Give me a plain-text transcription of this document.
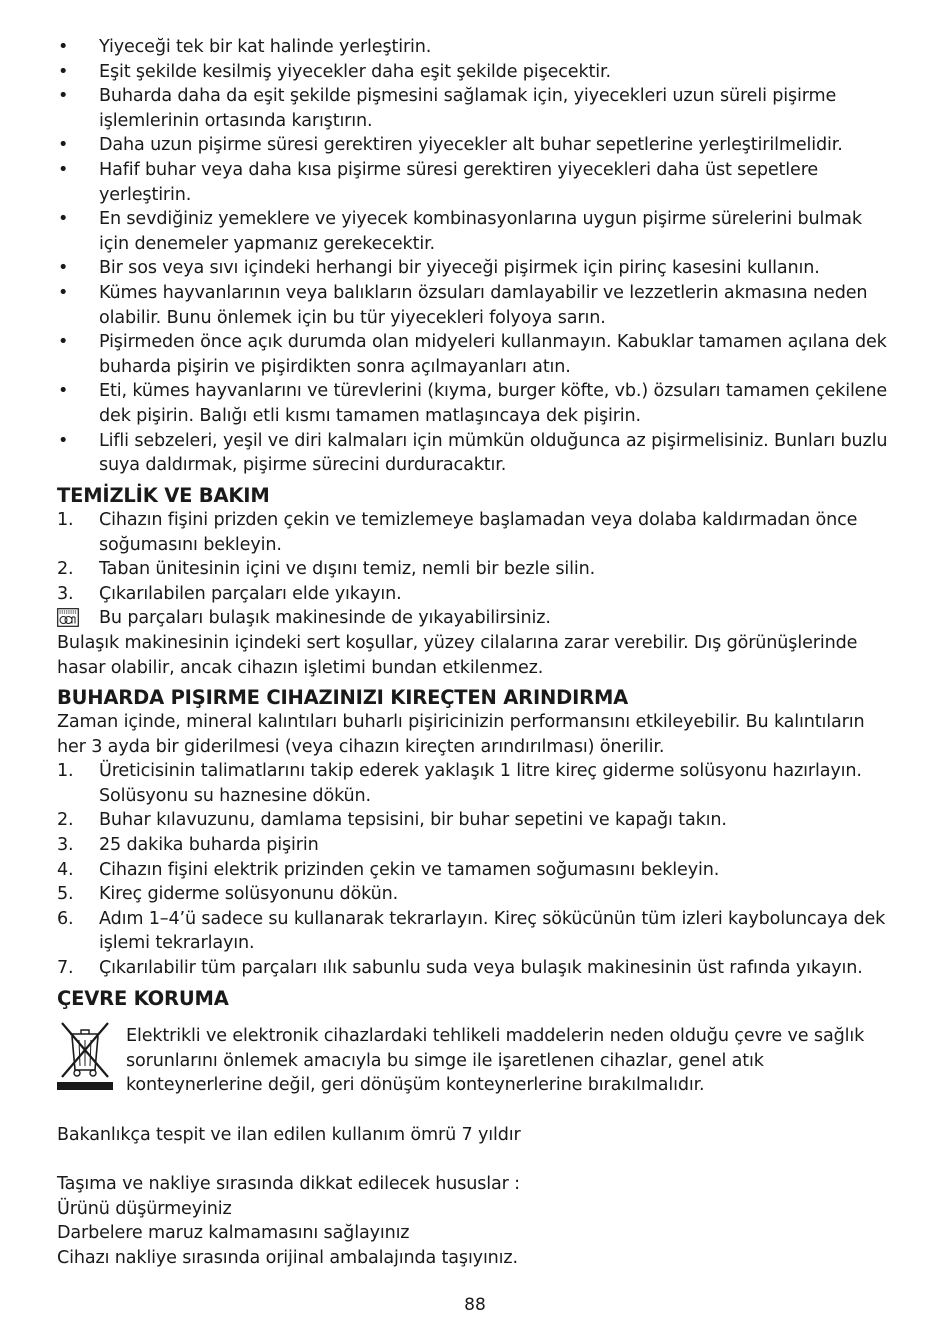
•	Yiyeceği tek bir kat halinde yerleştirin.
•	Eşit şekilde kesilmiş yiyecekler daha eşit şekilde pişecektir.
•	Buharda daha da eşit şekilde pişmesini sağlamak için, yiyecekleri uzun süreli pişirme işlemlerinin ortasında karıştırın.
•	Daha uzun pişirme süresi gerektiren yiyecekler alt buhar sepetlerine yerleştirilmelidir.
•	Hafif buhar veya daha kısa pişirme süresi gerektiren yiyecekleri daha üst sepetlere yerleştirin.
•	En sevdiğiniz yemeklere ve yiyecek kombinasyonlarına uygun pişirme sürelerini bulmak için denemeler yapmanız gerekecektir.
•	Bir sos veya sıvı içindeki herhangi bir yiyeceği pişirmek için pirinç kasesini kullanın.
•	Kümes hayvanlarının veya balıkların özsuları damlayabilir ve lezzetlerin akmasına neden olabilir. Bunu önlemek için bu tür yiyecekleri folyoya sarın.
•	Pişirmeden önce açık durumda olan midyeleri kullanmayın. Kabuklar tamamen açılana dek buharda pişirin ve pişirdikten sonra açılmayanları atın.
•	Eti, kümes hayvanlarını ve türevlerini (kıyma, burger köfte, vb.) özsuları tamamen çekilene dek pişirin. Balığı etli kısmı tamamen matlaşıncaya dek pişirin.
•	Lifli sebzeleri, yeşil ve diri kalmaları için mümkün olduğunca az pişirmelisiniz. Bunları buzlu suya daldırmak, pişirme sürecini durduracaktır.
TEMİZLİK VE BAKIM
1.	Cihazın fişini prizden çekin ve temizlemeye başlamadan veya dolaba kaldırmadan önce soğumasını bekleyin.
2.	Taban ünitesinin içini ve dışını temiz, nemli bir bezle silin.
3.	Çıkarılabilen parçaları elde yıkayın.
Bu parçaları bulaşık makinesinde de yıkayabilirsiniz.
Bulaşık makinesinin içindeki sert koşullar, yüzey cilalarına zarar verebilir. Dış görünüşlerinde hasar olabilir, ancak cihazın işletimi bundan etkilenmez.
BUHARDA PIŞIRME CIHAZINIZI KIREÇTEN ARINDIRMA
Zaman içinde, mineral kalıntıları buharlı pişiricinizin performansını etkileyebilir. Bu kalıntıların her 3 ayda bir giderilmesi (veya cihazın kireçten arındırılması) önerilir.
1.	Üreticisinin talimatlarını takip ederek yaklaşık 1 litre kireç giderme solüsyonu hazırlayın. Solüsyonu su haznesine dökün.
2.	Buhar kılavuzunu, damlama tepsisini, bir buhar sepetini ve kapağı takın.
3.	25 dakika buharda pişirin
4.	Cihazın fişini elektrik prizinden çekin ve tamamen soğumasını bekleyin.
5.	Kireç giderme solüsyonunu dökün.
6.	Adım 1–4’ü sadece su kullanarak tekrarlayın. Kireç sökücünün tüm izleri kayboluncaya dek işlemi tekrarlayın.
7.	Çıkarılabilir tüm parçaları ılık sabunlu suda veya bulaşık makinesinin üst rafında yıkayın.
ÇEVRE KORUMA
Elektrikli ve elektronik cihazlardaki tehlikeli maddelerin neden olduğu çevre ve sağlık sorunlarını önlemek amacıyla bu simge ile işaretlenen cihazlar, genel atık konteynerlerine değil, geri dönüşüm konteynerlerine bırakılmalıdır.
Bakanlıkça tespit ve ilan edilen kullanım ömrü 7 yıldır
Taşıma ve nakliye sırasında dikkat edilecek hususlar :
Ürünü düşürmeyiniz
Darbelere maruz kalmamasını sağlayınız
Cihazı nakliye sırasında orijinal ambalajında taşıyınız.
88
